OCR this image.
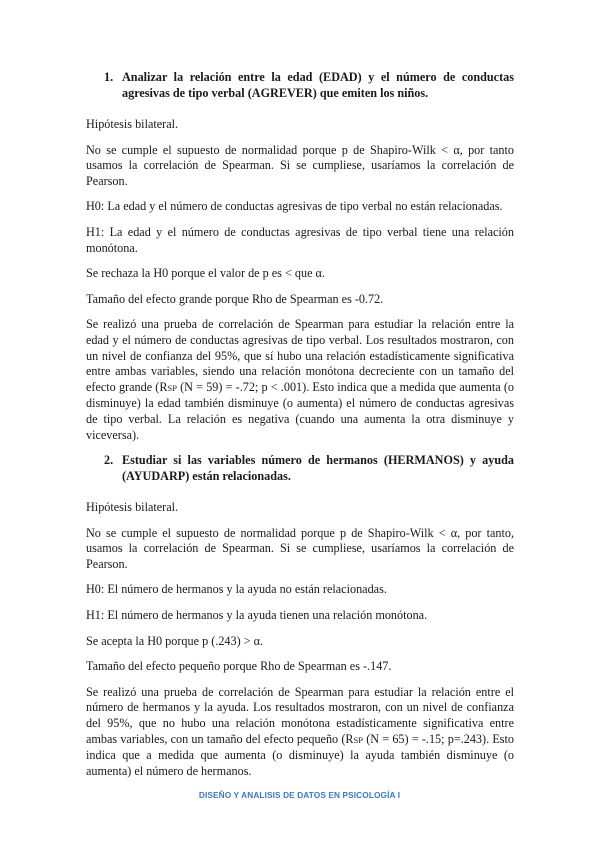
1. Analizar la relación entre la edad (EDAD) y el número de conductas agresivas de tipo verbal (AGREVER) que emiten los niños.

Hipótesis bilateral.

No se cumple el supuesto de normalidad porque p de Shapiro-Wilk < α, por tanto usamos la correlación de Spearman. Si se cumpliese, usaríamos la correlación de Pearson.

H0: La edad y el número de conductas agresivas de tipo verbal no están relacionadas.

H1: La edad y el número de conductas agresivas de tipo verbal tiene una relación monótona.

Se rechaza la H0 porque el valor de p es < que α.

Tamaño del efecto grande porque Rho de Spearman es -0.72.

Se realizó una prueba de correlación de Spearman para estudiar la relación entre la edad y el número de conductas agresivas de tipo verbal. Los resultados mostraron, con un nivel de confianza del 95%, que sí hubo una relación estadísticamente significativa entre ambas variables, siendo una relación monótona decreciente con un tamaño del efecto grande (RSP (N = 59) = -.72; p < .001). Esto indica que a medida que aumenta (o disminuye) la edad también disminuye (o aumenta) el número de conductas agresivas de tipo verbal. La relación es negativa (cuando una aumenta la otra disminuye y viceversa).

2. Estudiar si las variables número de hermanos (HERMANOS) y ayuda (AYUDARP) están relacionadas.

Hipótesis bilateral.

No se cumple el supuesto de normalidad porque p de Shapiro-Wilk < α, por tanto, usamos la correlación de Spearman. Si se cumpliese, usaríamos la correlación de Pearson.

H0: El número de hermanos y la ayuda no están relacionadas.

H1: El número de hermanos y la ayuda tienen una relación monótona.

Se acepta la H0 porque p (.243) > α.

Tamaño del efecto pequeño porque Rho de Spearman es -.147.

Se realizó una prueba de correlación de Spearman para estudiar la relación entre el número de hermanos y la ayuda. Los resultados mostraron, con un nivel de confianza del 95%, que no hubo una relación monótona estadísticamente significativa entre ambas variables, con un tamaño del efecto pequeño (RSP (N = 65) = -.15; p=.243). Esto indica que a medida que aumenta (o disminuye) la ayuda también disminuye (o aumenta) el número de hermanos.

DISEÑO Y ANALISIS DE DATOS EN PSICOLOGÍA I
